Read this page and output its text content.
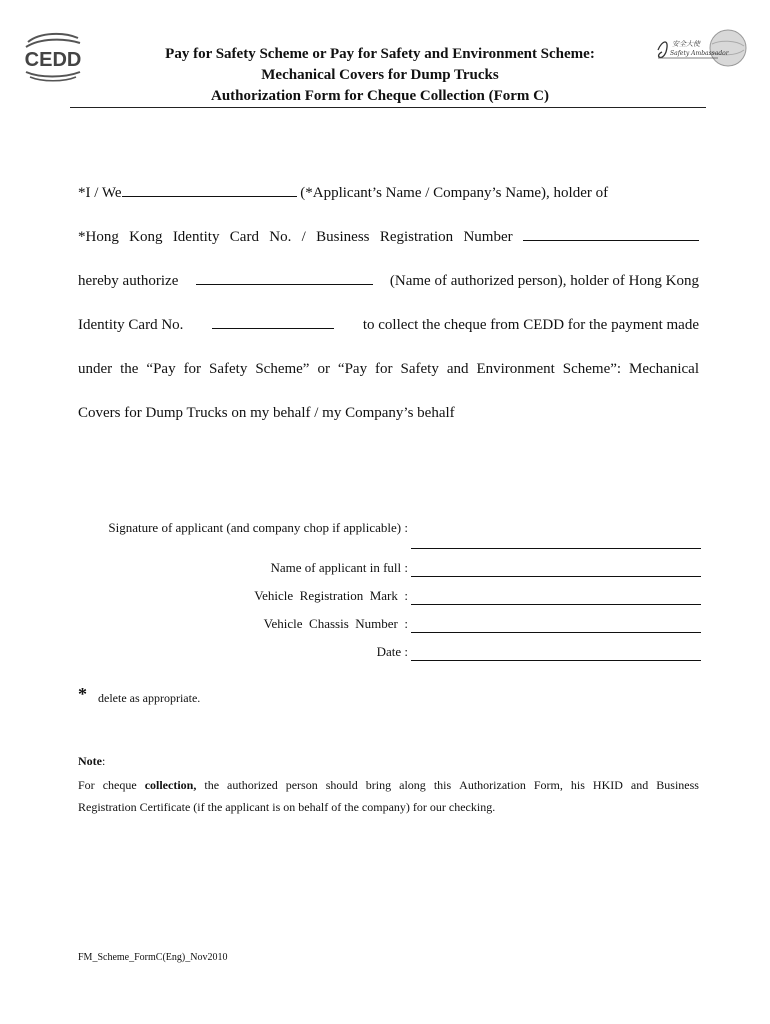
CEDD
安全大使
Safety Ambassador
Pay for Safety Scheme or Pay for Safety and Environment Scheme:
Mechanical Covers for Dump Trucks
Authorization Form for Cheque Collection (Form C)
*I / We	(*Applicant’s Name / Company’s Name), holder of
*Hong Kong Identity Card No. / Business Registration Number
hereby authorize	(Name of authorized person), holder of Hong Kong
Identity Card No.	to collect the cheque from CEDD for the payment made
under the “Pay for Safety Scheme” or “Pay for Safety and Environment Scheme”: Mechanical
Covers for Dump Trucks on my behalf / my Company’s behalf
Signature of applicant (and company chop if applicable) :
Name of applicant in full :
Vehicle  Registration  Mark  :
Vehicle  Chassis  Number  :
Date :
* delete as appropriate.
Note:
For cheque collection, the authorized person should bring along this Authorization Form, his HKID and Business
Registration Certificate (if the applicant is on behalf of the company) for our checking.
FM_Scheme_FormC(Eng)_Nov2010
